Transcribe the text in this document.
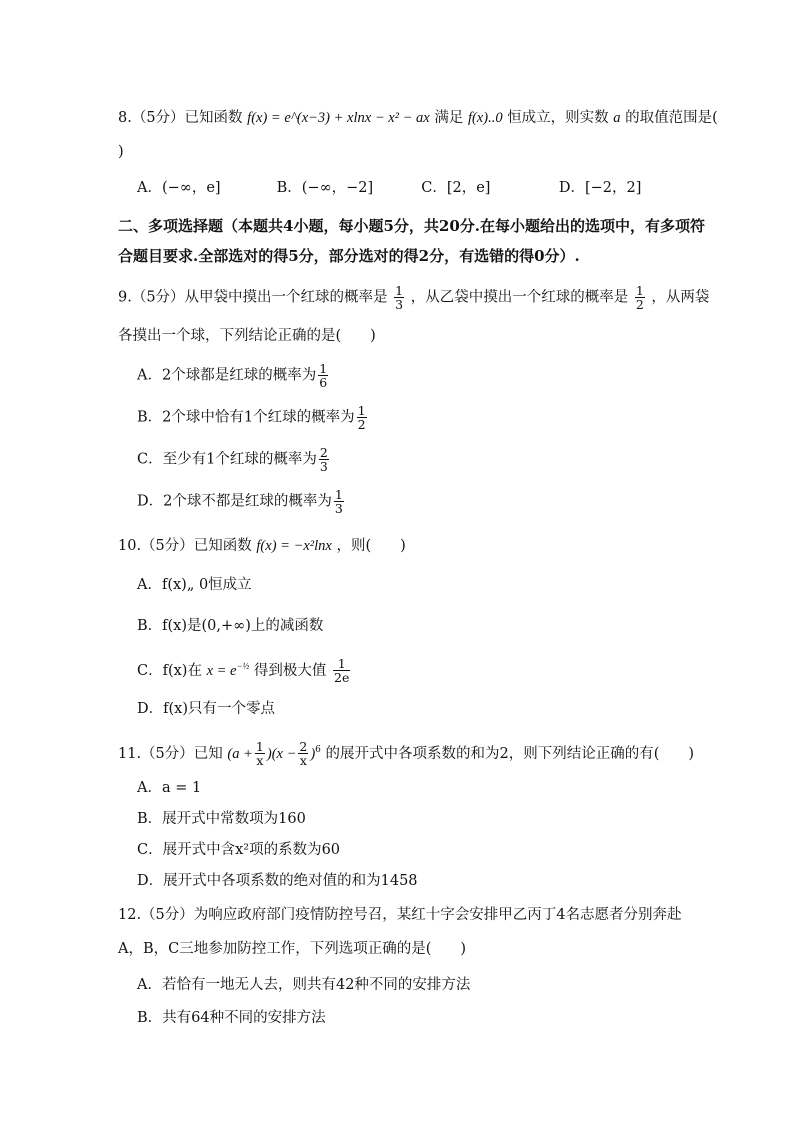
8.（5分）已知函数 f(x) = e^(x−3) + xlnx − x² − ax 满足 f(x)..0 恒成立，则实数 a 的取值范围是(
)
A．(−∞，e]	B．(−∞，−2]	C．[2，e]	D．[−2，2]
二、多项选择题（本题共4小题，每小题5分，共20分.在每小题给出的选项中，有多项符
合题目要求.全部选对的得5分，部分选对的得2分，有选错的得0分）.
9.（5分）从甲袋中摸出一个红球的概率是 $\frac{1}{3}$ ，从乙袋中摸出一个红球的概率是 $\frac{1}{2}$ ，从两袋
各摸出一个球，下列结论正确的是(　　)
A．2个球都是红球的概率为 $\frac{1}{6}$
B．2个球中恰有1个红球的概率为 $\frac{1}{2}$
C．至少有1个红球的概率为 $\frac{2}{3}$
D．2个球不都是红球的概率为 $\frac{1}{3}$
10.（5分）已知函数 f(x) = −x²lnx ，则(　　)
A．f(x)„ 0恒成立
B．f(x)是(0,+∞)上的减函数
C．f(x)在 $x = e^{-\frac{1}{2}}$ 得到极大值 $\frac{1}{2e}$
D．f(x)只有一个零点
11.（5分）已知 $(a + \frac{1}{x} )(x - \frac{2}{x} )^6$ 的展开式中各项系数的和为2，则下列结论正确的有(　　)
A．a = 1
B．展开式中常数项为160
C．展开式中含x²项的系数为60
D．展开式中各项系数的绝对值的和为1458
12.（5分）为响应政府部门疫情防控号召，某红十字会安排甲乙丙丁4名志愿者分别奔赴
A，B，C三地参加防控工作，下列选项正确的是(　　)
A．若恰有一地无人去，则共有42种不同的安排方法
B．共有64种不同的安排方法
